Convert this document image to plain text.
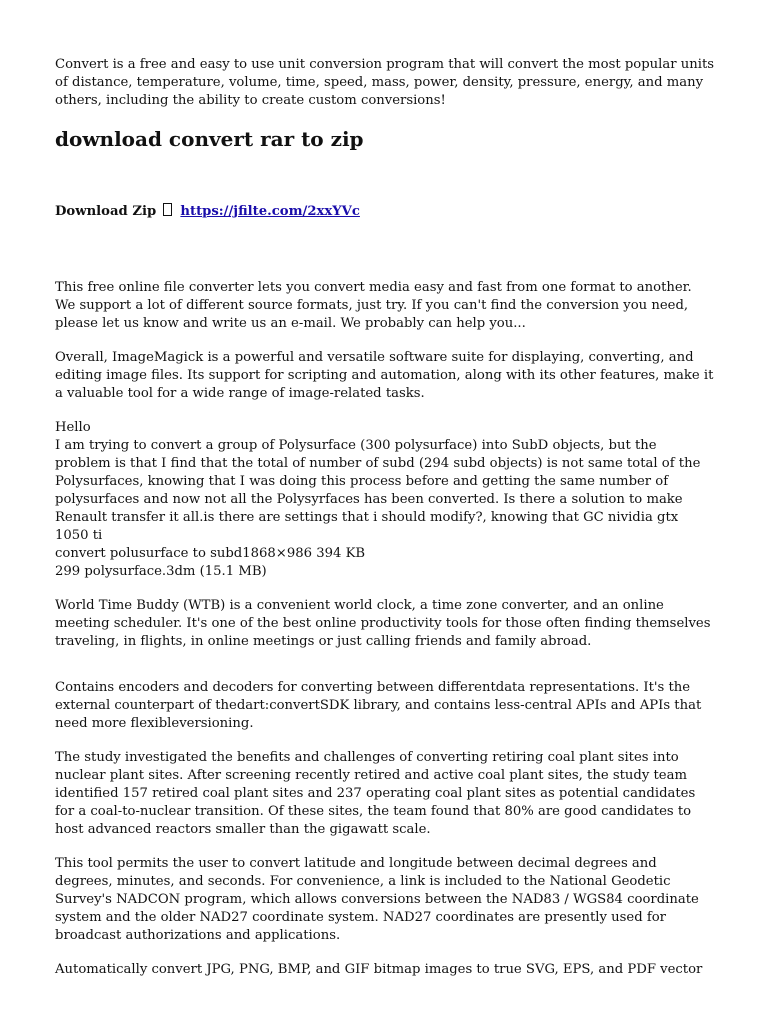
Convert is a free and easy to use unit conversion program that will convert the most popular units of distance, temperature, volume, time, speed, mass, power, density, pressure, energy, and many others, including the ability to create custom conversions!

download convert rar to zip

Download Zip https://jfilte.com/2xxYVc

This free online file converter lets you convert media easy and fast from one format to another. We support a lot of different source formats, just try. If you can't find the conversion you need, please let us know and write us an e-mail. We probably can help you...

Overall, ImageMagick is a powerful and versatile software suite for displaying, converting, and editing image files. Its support for scripting and automation, along with its other features, make it a valuable tool for a wide range of image-related tasks.

Hello
I am trying to convert a group of Polysurface (300 polysurface) into SubD objects, but the problem is that I find that the total of number of subd (294 subd objects) is not same total of the Polysurfaces, knowing that I was doing this process before and getting the same number of polysurfaces and now not all the Polysyrfaces has been converted. Is there a solution to make Renault transfer it all.is there are settings that i should modify?, knowing that GC nividia gtx 1050 ti
convert polusurface to subd1868×986 394 KB
299 polysurface.3dm (15.1 MB)

World Time Buddy (WTB) is a convenient world clock, a time zone converter, and an online meeting scheduler. It's one of the best online productivity tools for those often finding themselves traveling, in flights, in online meetings or just calling friends and family abroad.

Contains encoders and decoders for converting between differentdata representations. It's the external counterpart of thedart:convertSDK library, and contains less-central APIs and APIs that need more flexibleversioning.

The study investigated the benefits and challenges of converting retiring coal plant sites into nuclear plant sites. After screening recently retired and active coal plant sites, the study team identified 157 retired coal plant sites and 237 operating coal plant sites as potential candidates for a coal-to-nuclear transition. Of these sites, the team found that 80% are good candidates to host advanced reactors smaller than the gigawatt scale.

This tool permits the user to convert latitude and longitude between decimal degrees and degrees, minutes, and seconds. For convenience, a link is included to the National Geodetic Survey's NADCON program, which allows conversions between the NAD83 / WGS84 coordinate system and the older NAD27 coordinate system. NAD27 coordinates are presently used for broadcast authorizations and applications.

Automatically convert JPG, PNG, BMP, and GIF bitmap images to true SVG, EPS, and PDF vector
